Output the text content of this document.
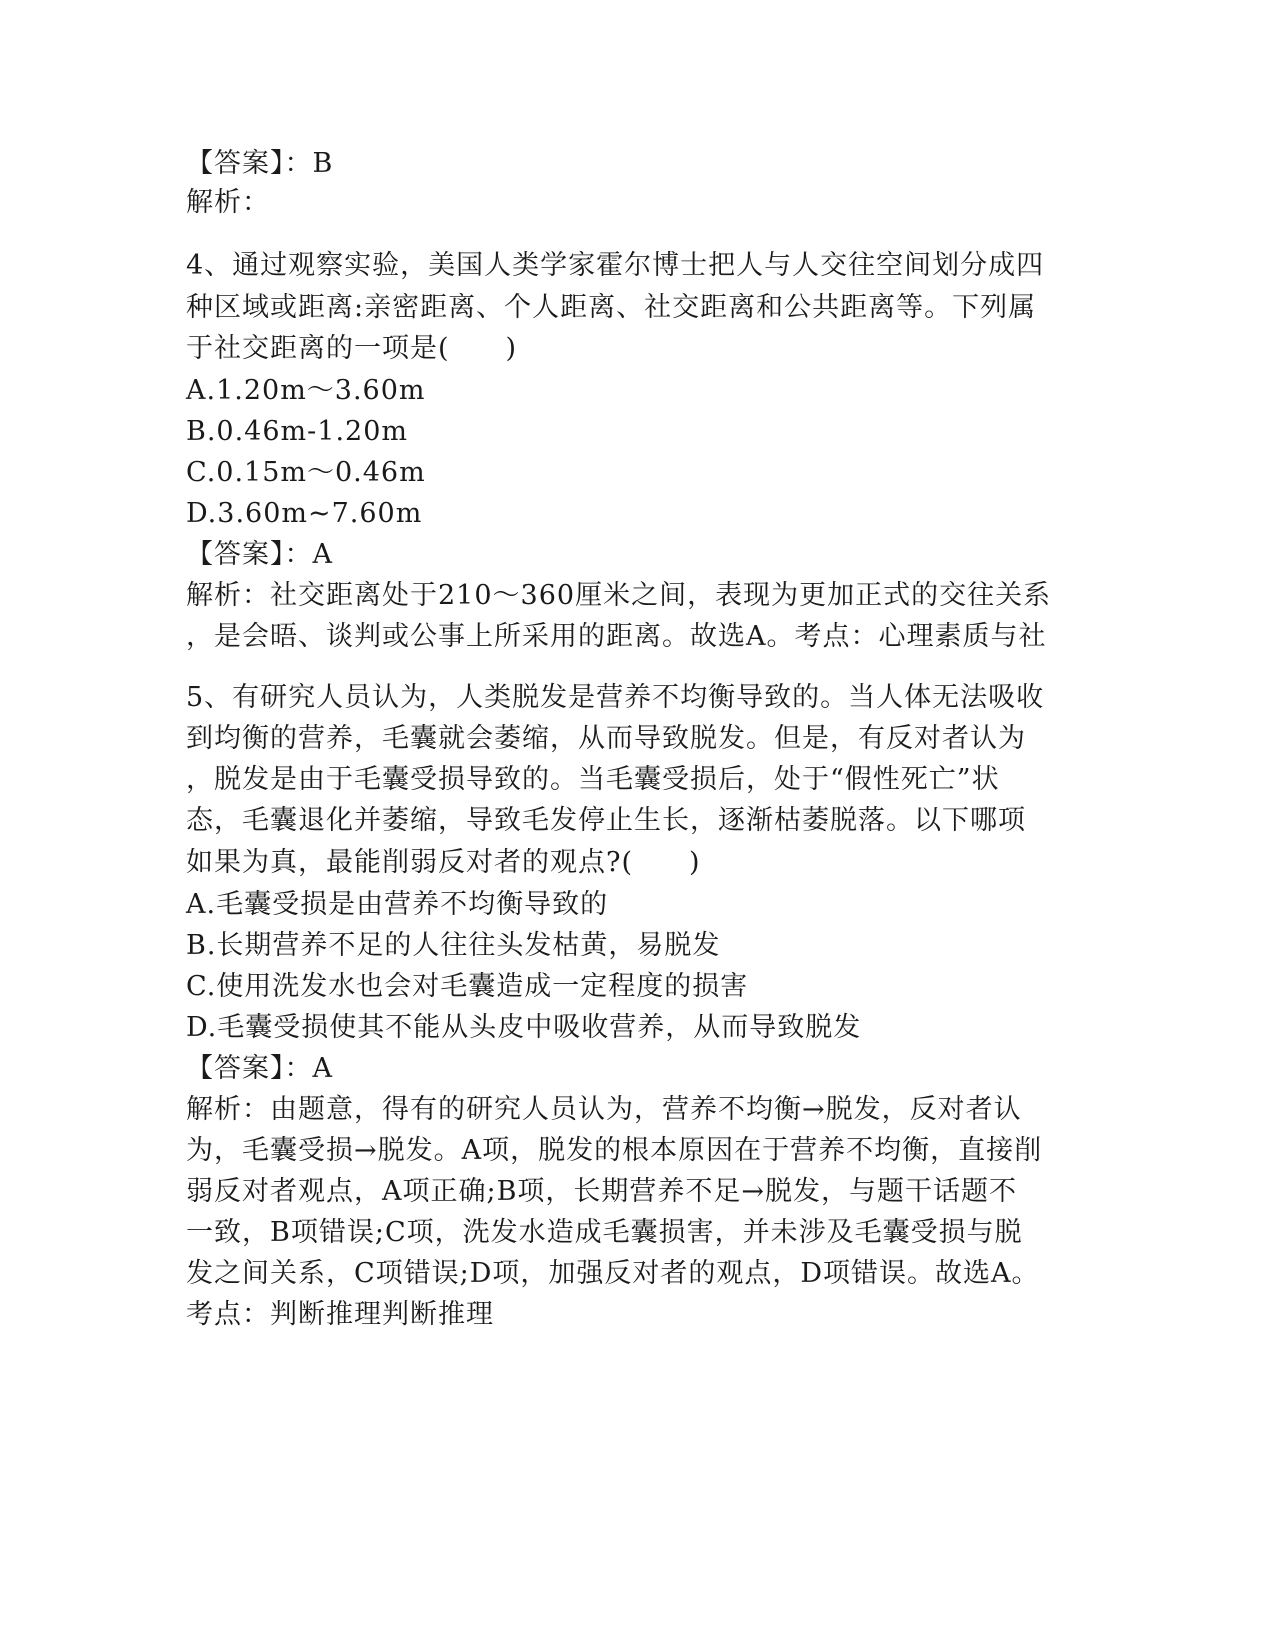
【答案】：B
解析：
4、通过观察实验，美国人类学家霍尔博士把人与人交往空间划分成四
种区域或距离:亲密距离、个人距离、社交距离和公共距离等。下列属
于社交距离的一项是(　　)
A.1.20m～3.60m
B.0.46m-1.20m
C.0.15m～0.46m
D.3.60m~7.60m
【答案】：A
解析：社交距离处于210～360厘米之间，表现为更加正式的交往关系
，是会晤、谈判或公事上所采用的距离。故选A。考点：心理素质与社
5、有研究人员认为，人类脱发是营养不均衡导致的。当人体无法吸收
到均衡的营养，毛囊就会萎缩，从而导致脱发。但是，有反对者认为
，脱发是由于毛囊受损导致的。当毛囊受损后，处于“假性死亡”状
态，毛囊退化并萎缩，导致毛发停止生长，逐渐枯萎脱落。以下哪项
如果为真，最能削弱反对者的观点?(　　)
A.毛囊受损是由营养不均衡导致的
B.长期营养不足的人往往头发枯黄，易脱发
C.使用洗发水也会对毛囊造成一定程度的损害
D.毛囊受损使其不能从头皮中吸收营养，从而导致脱发
【答案】：A
解析：由题意，得有的研究人员认为，营养不均衡→脱发，反对者认
为，毛囊受损→脱发。A项，脱发的根本原因在于营养不均衡，直接削
弱反对者观点，A项正确;B项，长期营养不足→脱发，与题干话题不
一致，B项错误;C项，洗发水造成毛囊损害，并未涉及毛囊受损与脱
发之间关系，C项错误;D项，加强反对者的观点，D项错误。故选A。
考点：判断推理判断推理
